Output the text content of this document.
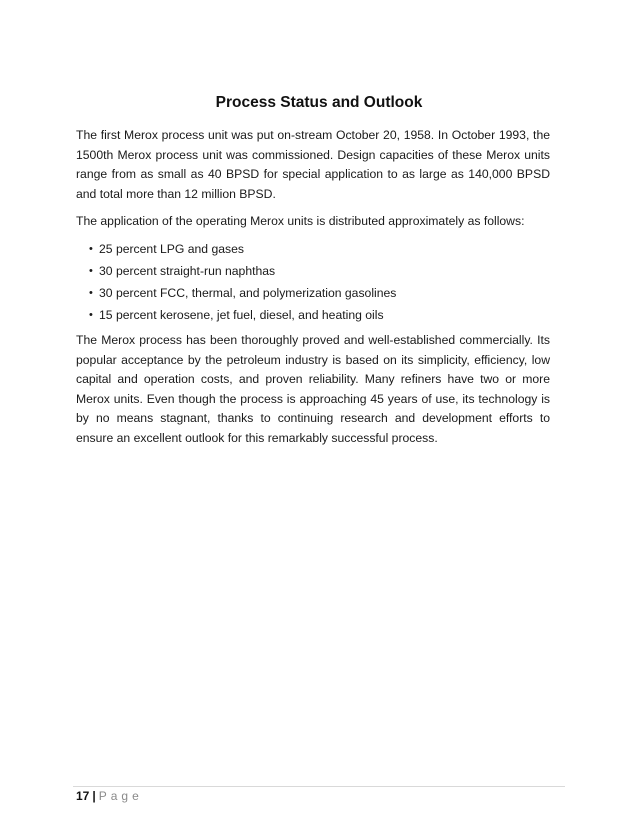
Process Status and Outlook

The first Merox process unit was put on-stream October 20, 1958. In October 1993, the 1500th Merox process unit was commissioned. Design capacities of these Merox units range from as small as 40 BPSD for special application to as large as 140,000 BPSD and total more than 12 million BPSD.

The application of the operating Merox units is distributed approximately as follows:

• 25 percent LPG and gases
• 30 percent straight-run naphthas
• 30 percent FCC, thermal, and polymerization gasolines
• 15 percent kerosene, jet fuel, diesel, and heating oils

The Merox process has been thoroughly proved and well-established commercially. Its popular acceptance by the petroleum industry is based on its simplicity, efficiency, low capital and operation costs, and proven reliability. Many refiners have two or more Merox units. Even though the process is approaching 45 years of use, its technology is by no means stagnant, thanks to continuing research and development efforts to ensure an excellent outlook for this remarkably successful process.

17 | Page
